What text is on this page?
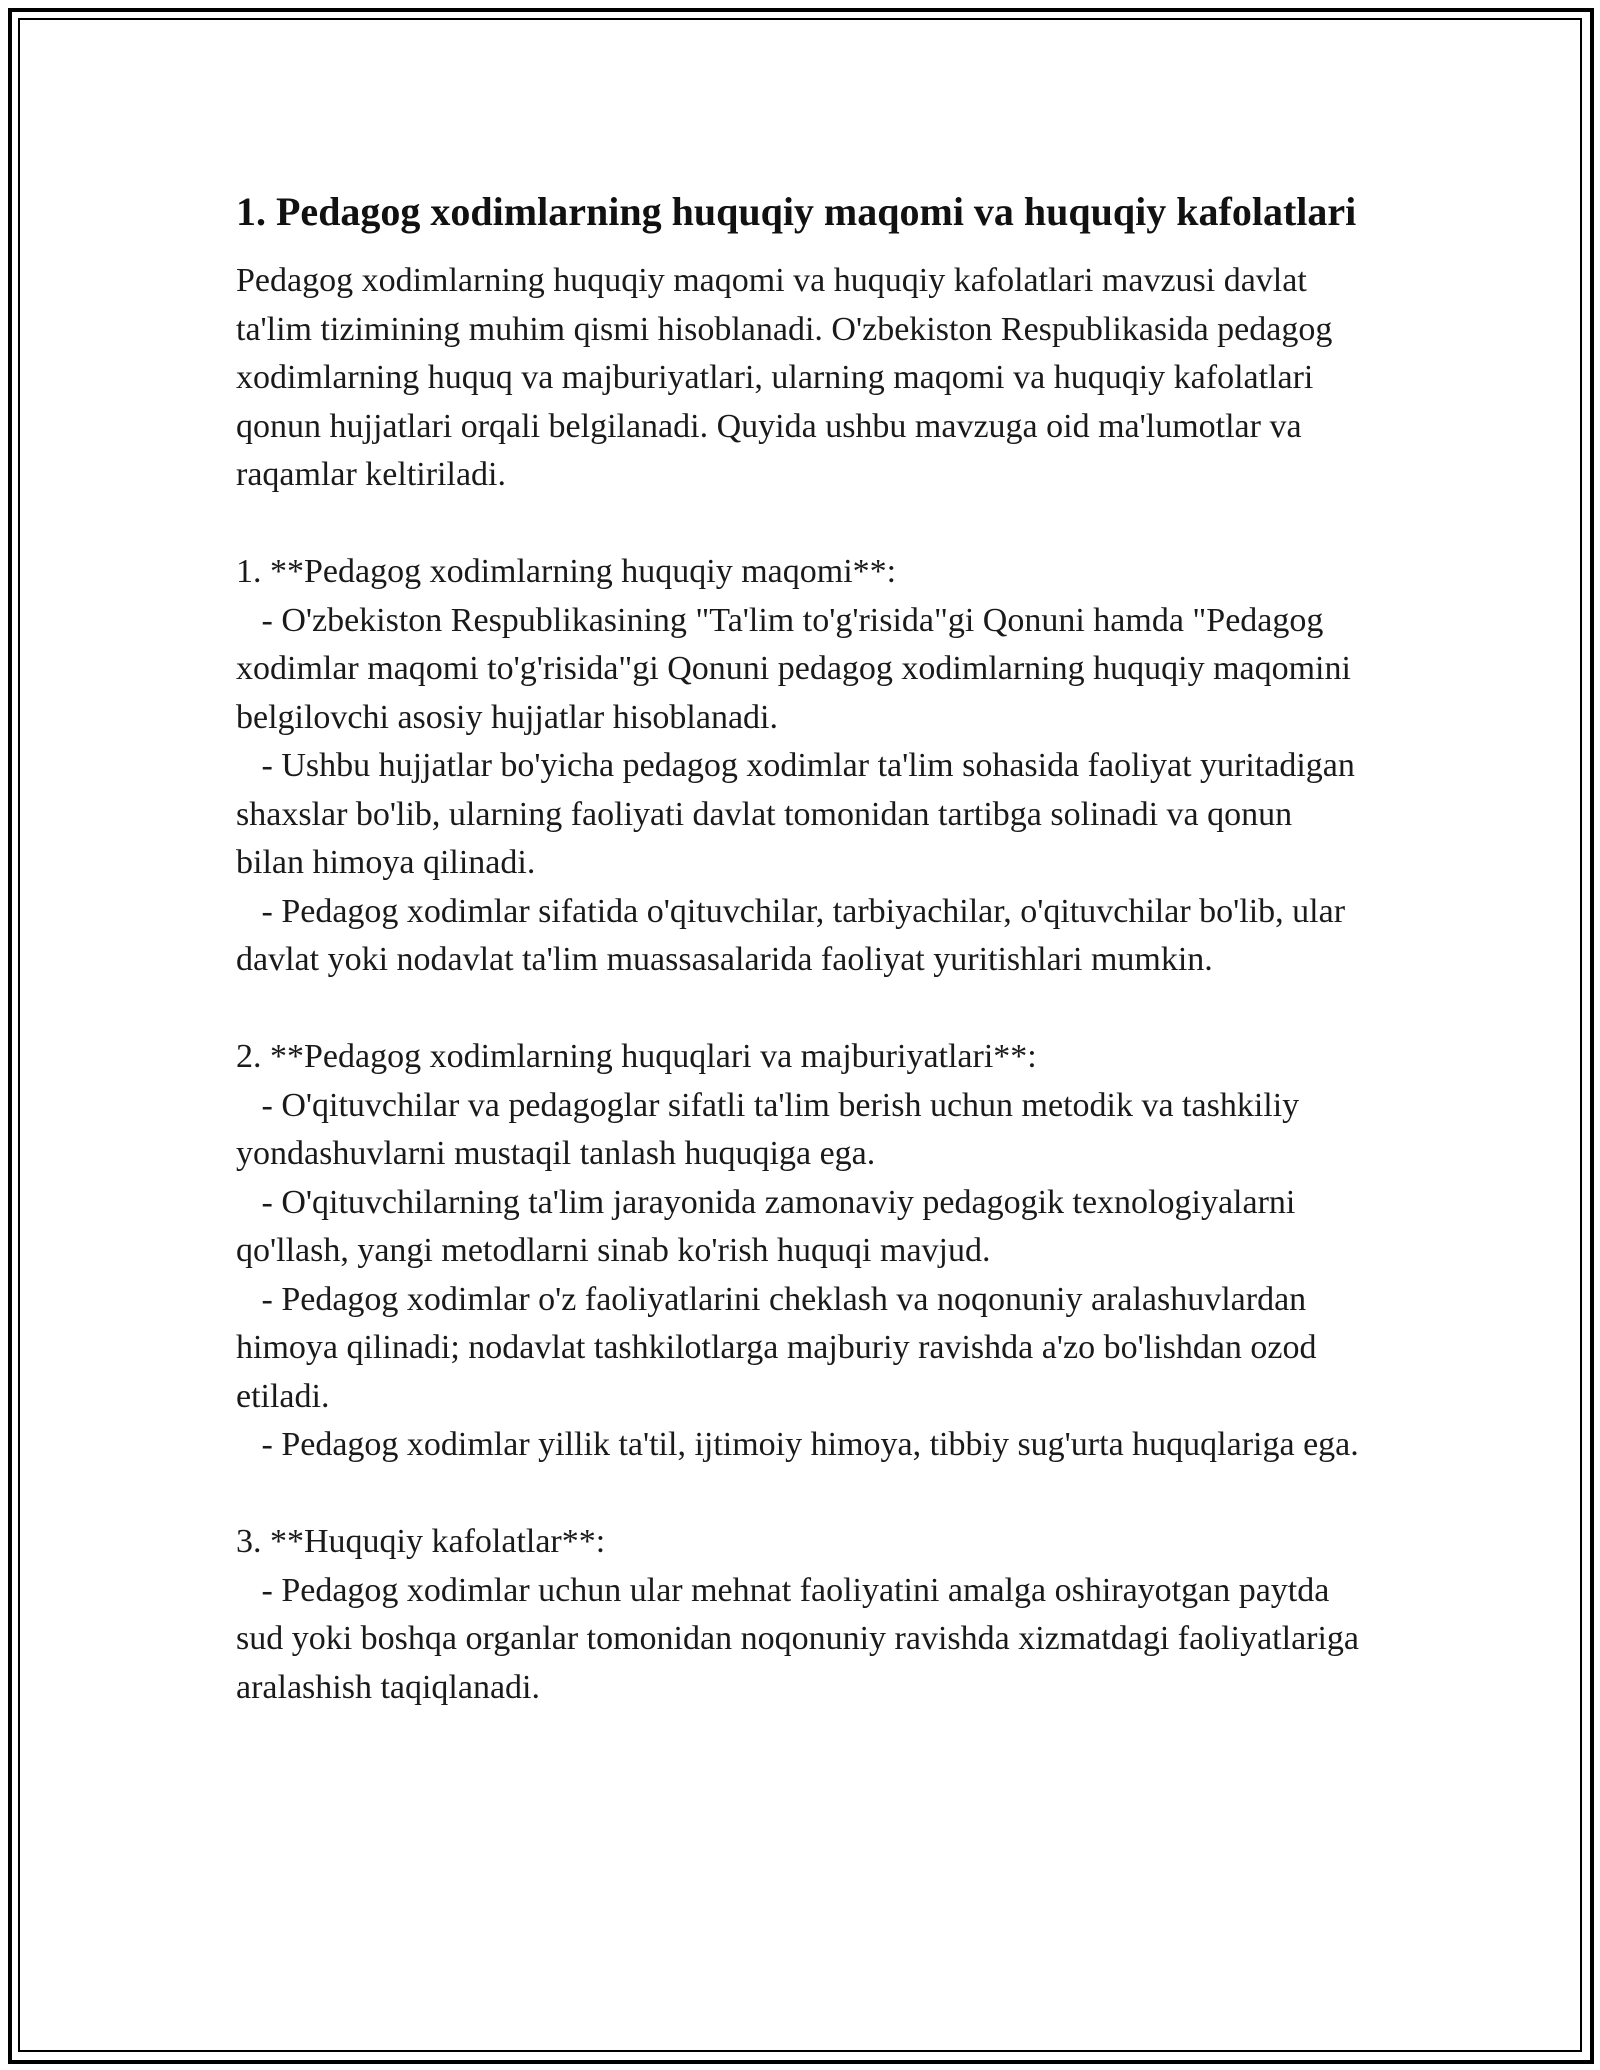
1. Pedagog xodimlarning huquqiy maqomi va huquqiy kafolatlari

Pedagog xodimlarning huquqiy maqomi va huquqiy kafolatlari mavzusi davlat ta'lim tizimining muhim qismi hisoblanadi. O'zbekiston Respublikasida pedagog xodimlarning huquq va majburiyatlari, ularning maqomi va huquqiy kafolatlari qonun hujjatlari orqali belgilanadi. Quyida ushbu mavzuga oid ma'lumotlar va raqamlar keltiriladi.

1. **Pedagog xodimlarning huquqiy maqomi**:
- O'zbekiston Respublikasining "Ta'lim to'g'risida"gi Qonuni hamda "Pedagog xodimlar maqomi to'g'risida"gi Qonuni pedagog xodimlarning huquqiy maqomini belgilovchi asosiy hujjatlar hisoblanadi.
- Ushbu hujjatlar bo'yicha pedagog xodimlar ta'lim sohasida faoliyat yuritadigan shaxslar bo'lib, ularning faoliyati davlat tomonidan tartibga solinadi va qonun bilan himoya qilinadi.
- Pedagog xodimlar sifatida o'qituvchilar, tarbiyachilar, o'qituvchilar bo'lib, ular davlat yoki nodavlat ta'lim muassasalarida faoliyat yuritishlari mumkin.

2. **Pedagog xodimlarning huquqlari va majburiyatlari**:
- O'qituvchilar va pedagoglar sifatli ta'lim berish uchun metodik va tashkiliy yondashuvlarni mustaqil tanlash huquqiga ega.
- O'qituvchilarning ta'lim jarayonida zamonaviy pedagogik texnologiyalarni qo'llash, yangi metodlarni sinab ko'rish huquqi mavjud.
- Pedagog xodimlar o'z faoliyatlarini cheklash va noqonuniy aralashuvlardan himoya qilinadi; nodavlat tashkilotlarga majburiy ravishda a'zo bo'lishdan ozod etiladi.
- Pedagog xodimlar yillik ta'til, ijtimoiy himoya, tibbiy sug'urta huquqlariga ega.

3. **Huquqiy kafolatlar**:
- Pedagog xodimlar uchun ular mehnat faoliyatini amalga oshirayotgan paytda sud yoki boshqa organlar tomonidan noqonuniy ravishda xizmatdagi faoliyatlariga aralashish taqiqlanadi.
